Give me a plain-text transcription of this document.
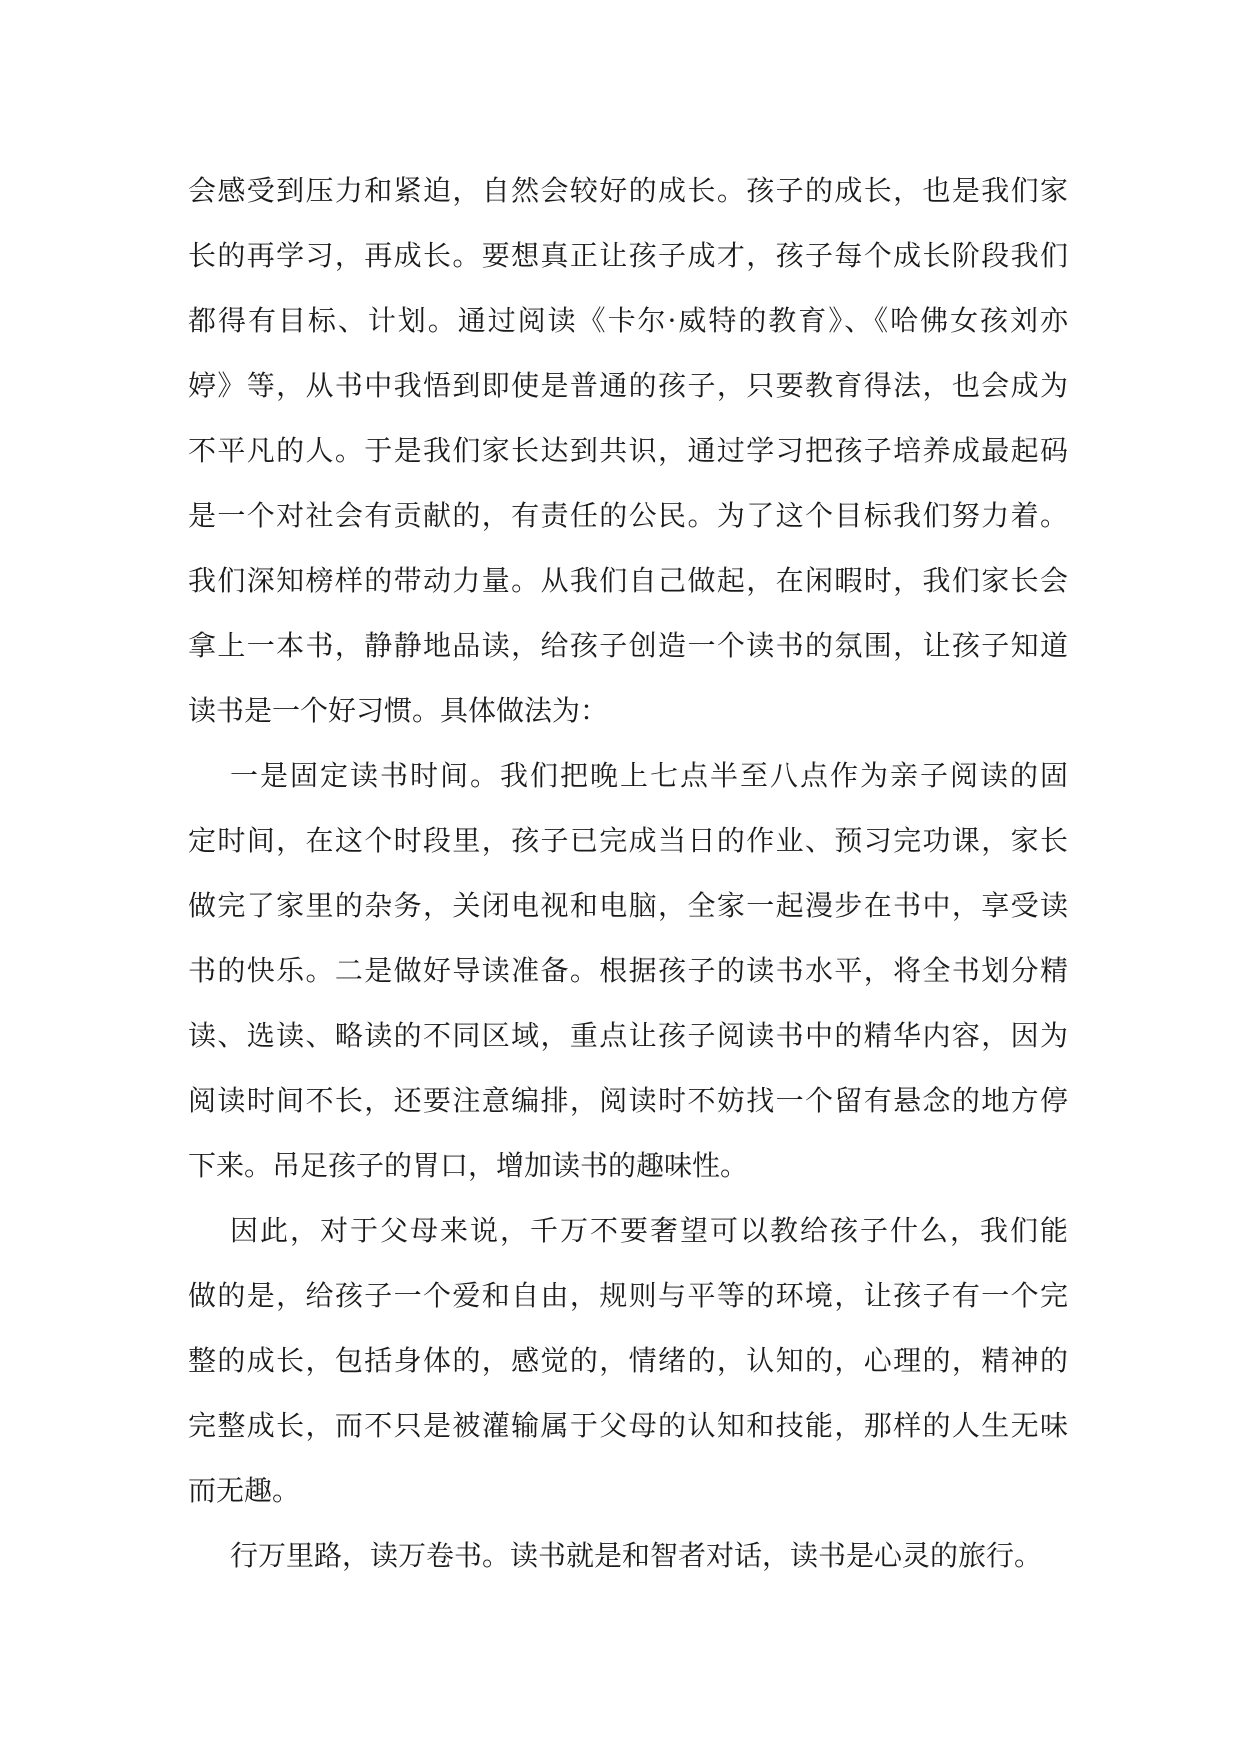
会感受到压力和紧迫，自然会较好的成长。孩子的成长，也是我们家
长的再学习，再成长。要想真正让孩子成才，孩子每个成长阶段我们
都得有目标、计划。通过阅读《卡尔·威特的教育》、《哈佛女孩刘亦
婷》等，从书中我悟到即使是普通的孩子，只要教育得法，也会成为
不平凡的人。于是我们家长达到共识，通过学习把孩子培养成最起码
是一个对社会有贡献的，有责任的公民。为了这个目标我们努力着。
我们深知榜样的带动力量。从我们自己做起，在闲暇时，我们家长会
拿上一本书，静静地品读，给孩子创造一个读书的氛围，让孩子知道
读书是一个好习惯。具体做法为：
一是固定读书时间。我们把晚上七点半至八点作为亲子阅读的固
定时间，在这个时段里，孩子已完成当日的作业、预习完功课，家长
做完了家里的杂务，关闭电视和电脑，全家一起漫步在书中，享受读
书的快乐。二是做好导读准备。根据孩子的读书水平，将全书划分精
读、选读、略读的不同区域，重点让孩子阅读书中的精华内容，因为
阅读时间不长，还要注意编排，阅读时不妨找一个留有悬念的地方停
下来。吊足孩子的胃口，增加读书的趣味性。
因此，对于父母来说，千万不要奢望可以教给孩子什么，我们能
做的是，给孩子一个爱和自由，规则与平等的环境，让孩子有一个完
整的成长，包括身体的，感觉的，情绪的，认知的，心理的，精神的
完整成长，而不只是被灌输属于父母的认知和技能，那样的人生无味
而无趣。
行万里路，读万卷书。读书就是和智者对话，读书是心灵的旅行。
